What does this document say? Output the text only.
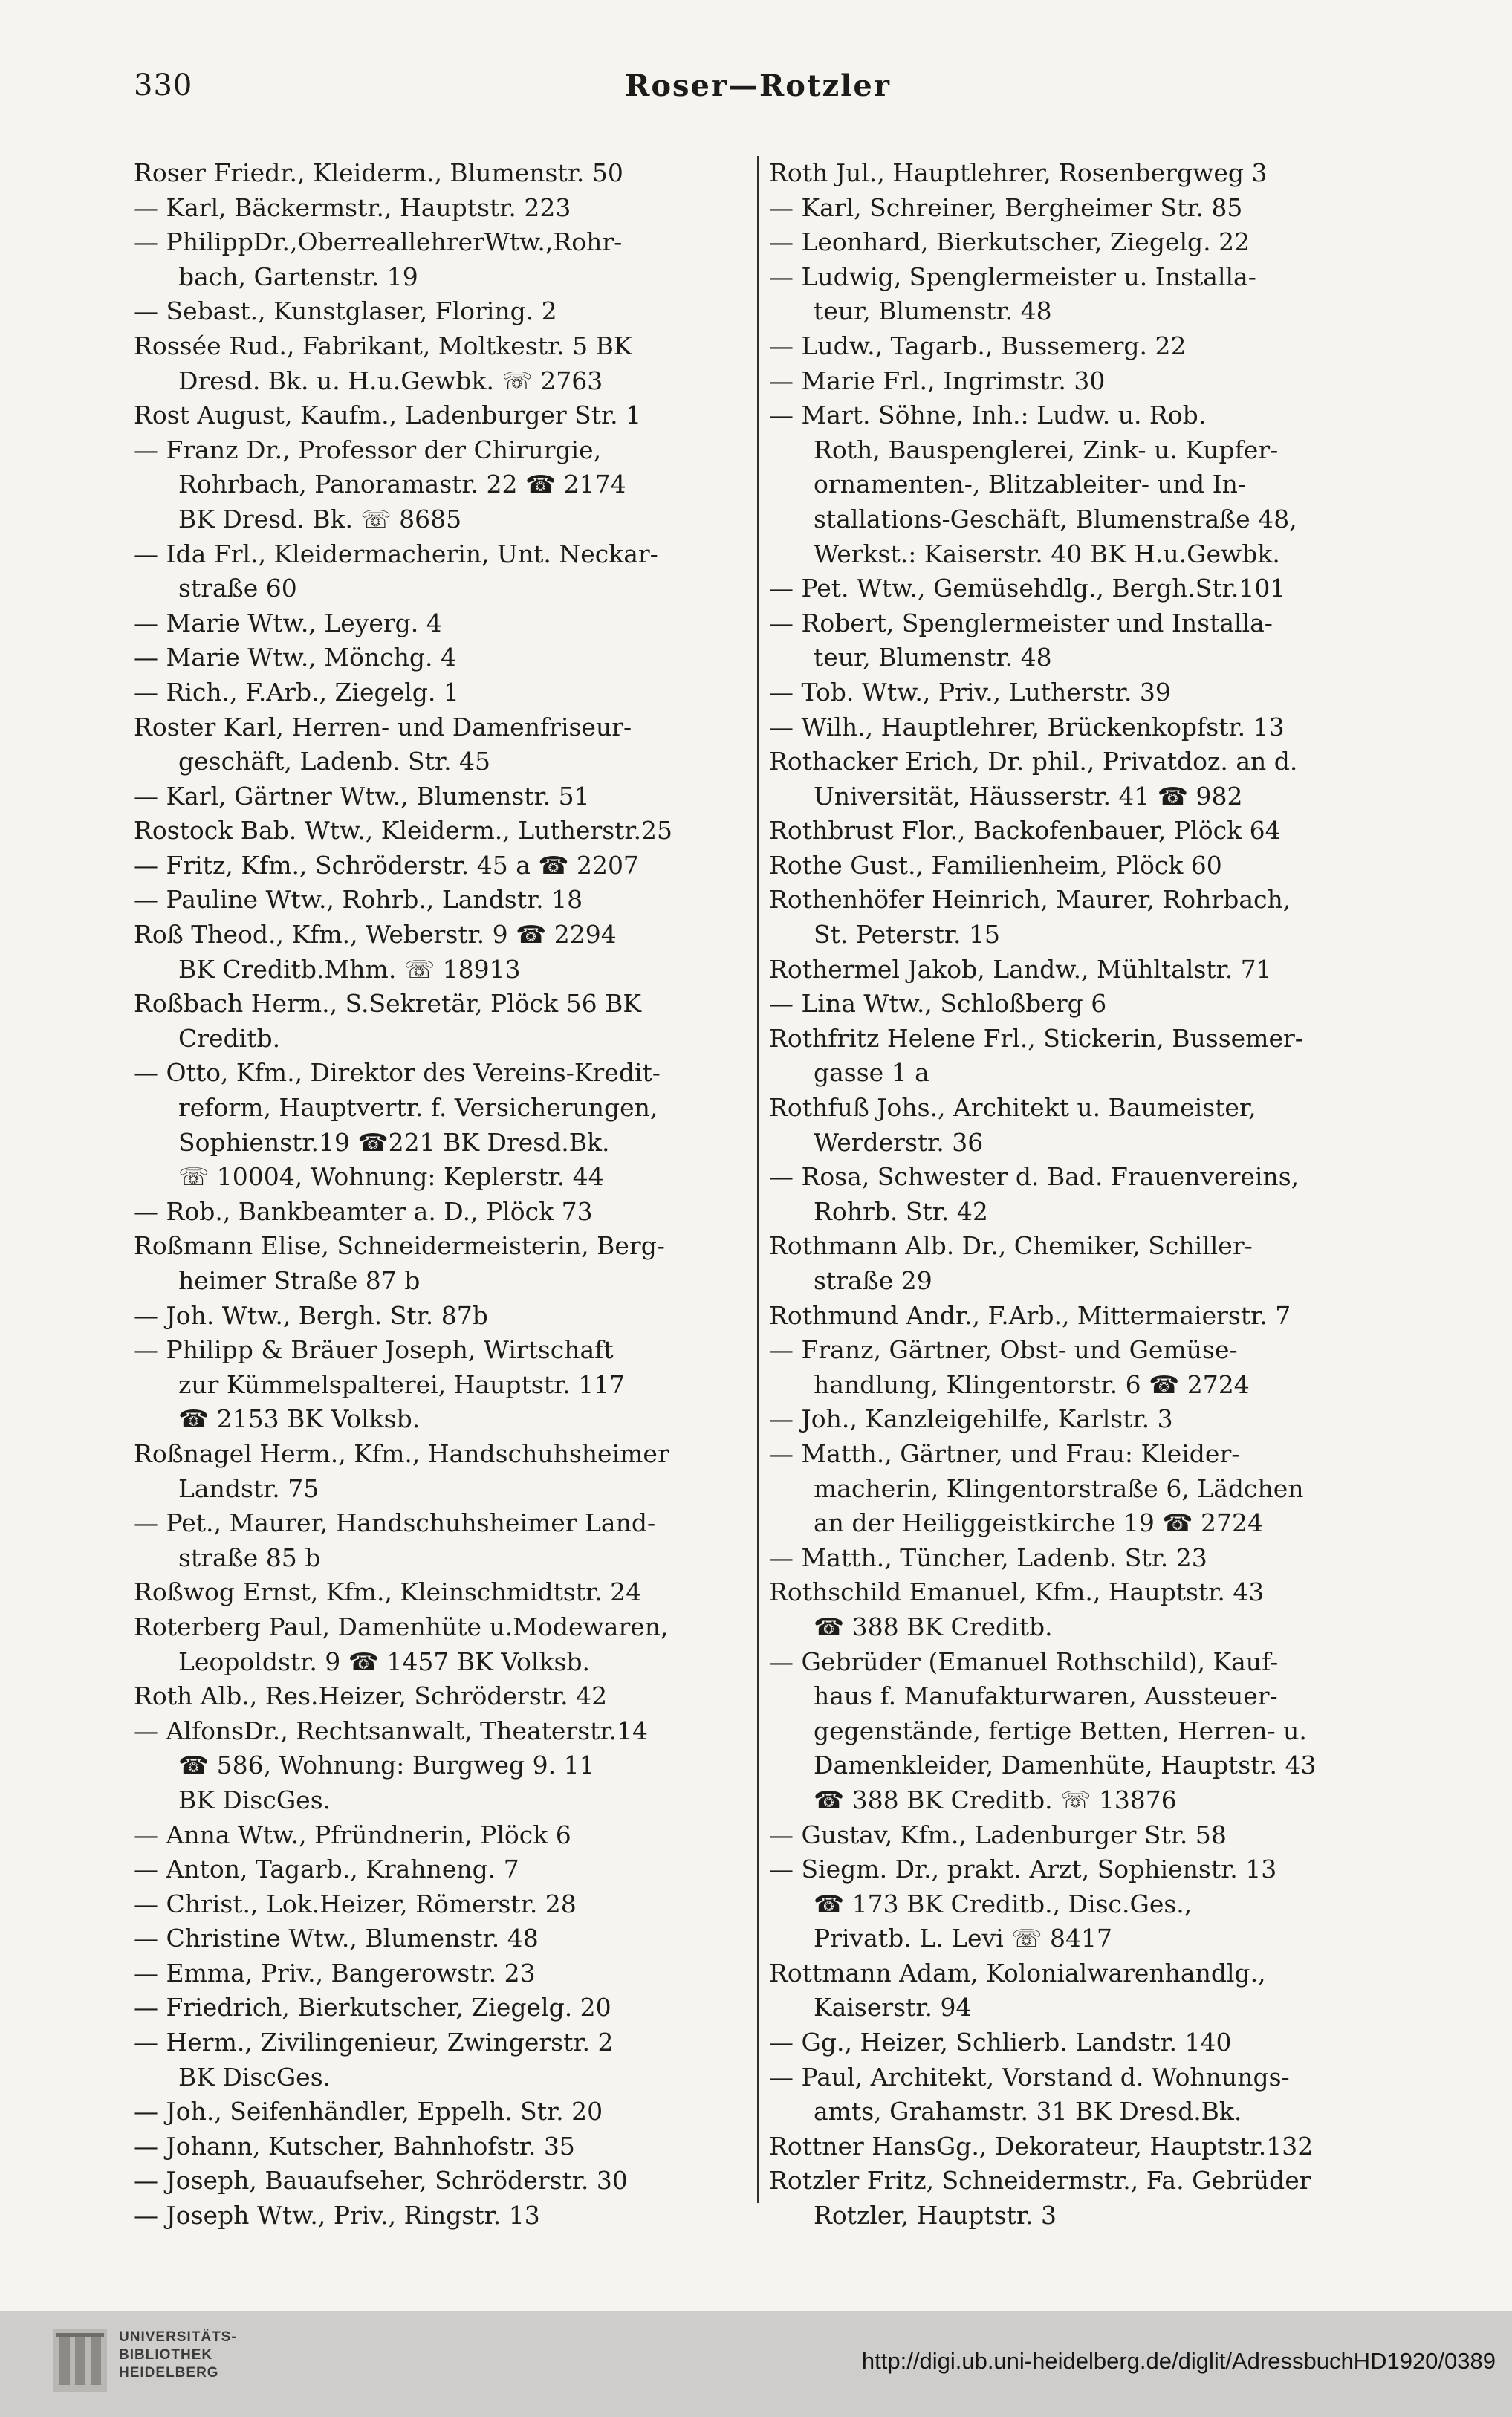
330	Roser—Rotzler
Roser Friedr., Kleiderm., Blumenstr. 50
— Karl, Bäckermstr., Hauptstr. 223
— PhilippDr.,OberreallehrerWtw.,Rohr-
bach, Gartenstr. 19
— Sebast., Kunstglaser, Floring. 2
Rossée Rud., Fabrikant, Moltkestr. 5 BK
Dresd. Bk. u. H.u.Gewbk. ☏ 2763
Rost August, Kaufm., Ladenburger Str. 1
— Franz Dr., Professor der Chirurgie,
Rohrbach, Panoramastr. 22 ☎ 2174
BK Dresd. Bk. ☏ 8685
— Ida Frl., Kleidermacherin, Unt. Neckar-
straße 60
— Marie Wtw., Leyerg. 4
— Marie Wtw., Mönchg. 4
— Rich., F.Arb., Ziegelg. 1
Roster Karl, Herren- und Damenfriseur-
geschäft, Ladenb. Str. 45
— Karl, Gärtner Wtw., Blumenstr. 51
Rostock Bab. Wtw., Kleiderm., Lutherstr.25
— Fritz, Kfm., Schröderstr. 45 a ☎ 2207
— Pauline Wtw., Rohrb., Landstr. 18
Roß Theod., Kfm., Weberstr. 9 ☎ 2294
BK Creditb.Mhm. ☏ 18913
Roßbach Herm., S.Sekretär, Plöck 56 BK
Creditb.
— Otto, Kfm., Direktor des Vereins-Kredit-
reform, Hauptvertr. f. Versicherungen,
Sophienstr.19 ☎221 BK Dresd.Bk.
☏ 10004, Wohnung: Keplerstr. 44
— Rob., Bankbeamter a. D., Plöck 73
Roßmann Elise, Schneidermeisterin, Berg-
heimer Straße 87 b
— Joh. Wtw., Bergh. Str. 87b
— Philipp & Bräuer Joseph, Wirtschaft
zur Kümmelspalterei, Hauptstr. 117
☎ 2153 BK Volksb.
Roßnagel Herm., Kfm., Handschuhsheimer
Landstr. 75
— Pet., Maurer, Handschuhsheimer Land-
straße 85 b
Roßwog Ernst, Kfm., Kleinschmidtstr. 24
Roterberg Paul, Damenhüte u.Modewaren,
Leopoldstr. 9 ☎ 1457 BK Volksb.
Roth Alb., Res.Heizer, Schröderstr. 42
— AlfonsDr., Rechtsanwalt, Theaterstr.14
☎ 586, Wohnung: Burgweg 9. 11
BK DiscGes.
— Anna Wtw., Pfründnerin, Plöck 6
— Anton, Tagarb., Krahneng. 7
— Christ., Lok.Heizer, Römerstr. 28
— Christine Wtw., Blumenstr. 48
— Emma, Priv., Bangerowstr. 23
— Friedrich, Bierkutscher, Ziegelg. 20
— Herm., Zivilingenieur, Zwingerstr. 2
BK DiscGes.
— Joh., Seifenhändler, Eppelh. Str. 20
— Johann, Kutscher, Bahnhofstr. 35
— Joseph, Bauaufseher, Schröderstr. 30
— Joseph Wtw., Priv., Ringstr. 13
Roth Jul., Hauptlehrer, Rosenbergweg 3
— Karl, Schreiner, Bergheimer Str. 85
— Leonhard, Bierkutscher, Ziegelg. 22
— Ludwig, Spenglermeister u. Installa-
teur, Blumenstr. 48
— Ludw., Tagarb., Bussemerg. 22
— Marie Frl., Ingrimstr. 30
— Mart. Söhne, Inh.: Ludw. u. Rob.
Roth, Bauspenglerei, Zink- u. Kupfer-
ornamenten-, Blitzableiter- und In-
stallations-Geschäft, Blumenstraße 48,
Werkst.: Kaiserstr. 40 BK H.u.Gewbk.
— Pet. Wtw., Gemüsehdlg., Bergh.Str.101
— Robert, Spenglermeister und Installa-
teur, Blumenstr. 48
— Tob. Wtw., Priv., Lutherstr. 39
— Wilh., Hauptlehrer, Brückenkopfstr. 13
Rothacker Erich, Dr. phil., Privatdoz. an d.
Universität, Häusserstr. 41 ☎ 982
Rothbrust Flor., Backofenbauer, Plöck 64
Rothe Gust., Familienheim, Plöck 60
Rothenhöfer Heinrich, Maurer, Rohrbach,
St. Peterstr. 15
Rothermel Jakob, Landw., Mühltalstr. 71
— Lina Wtw., Schloßberg 6
Rothfritz Helene Frl., Stickerin, Bussemer-
gasse 1 a
Rothfuß Johs., Architekt u. Baumeister,
Werderstr. 36
— Rosa, Schwester d. Bad. Frauenvereins,
Rohrb. Str. 42
Rothmann Alb. Dr., Chemiker, Schiller-
straße 29
Rothmund Andr., F.Arb., Mittermaierstr. 7
— Franz, Gärtner, Obst- und Gemüse-
handlung, Klingentorstr. 6 ☎ 2724
— Joh., Kanzleigehilfe, Karlstr. 3
— Matth., Gärtner, und Frau: Kleider-
macherin, Klingentorstraße 6, Lädchen
an der Heiliggeistkirche 19 ☎ 2724
— Matth., Tüncher, Ladenb. Str. 23
Rothschild Emanuel, Kfm., Hauptstr. 43
☎ 388 BK Creditb.
— Gebrüder (Emanuel Rothschild), Kauf-
haus f. Manufakturwaren, Aussteuer-
gegenstände, fertige Betten, Herren- u.
Damenkleider, Damenhüte, Hauptstr. 43
☎ 388 BK Creditb. ☏ 13876
— Gustav, Kfm., Ladenburger Str. 58
— Siegm. Dr., prakt. Arzt, Sophienstr. 13
☎ 173 BK Creditb., Disc.Ges.,
Privatb. L. Levi ☏ 8417
Rottmann Adam, Kolonialwarenhandlg.,
Kaiserstr. 94
— Gg., Heizer, Schlierb. Landstr. 140
— Paul, Architekt, Vorstand d. Wohnungs-
amts, Grahamstr. 31 BK Dresd.Bk.
Rottner HansGg., Dekorateur, Hauptstr.132
Rotzler Fritz, Schneidermstr., Fa. Gebrüder
Rotzler, Hauptstr. 3
UNIVERSITÄTS-
BIBLIOTHEK
HEIDELBERG	http://digi.ub.uni-heidelberg.de/diglit/AdressbuchHD1920/0389
